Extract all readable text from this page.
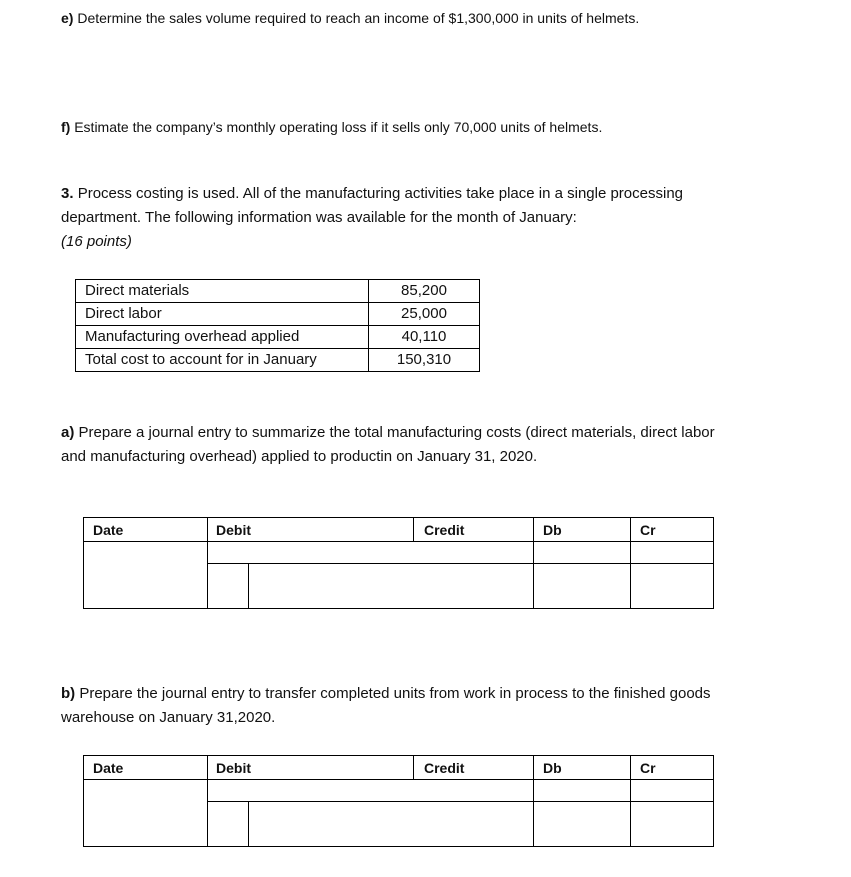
e) Determine the sales volume required to reach an income of $1,300,000 in units of helmets.

f) Estimate the company’s monthly operating loss if it sells only 70,000 units of helmets.

3. Process costing is used. All of the manufacturing activities take place in a single processing

department. The following information was available for the month of January:

(16 points)

Direct materials	85,200
Direct labor	25,000
Manufacturing overhead applied	40,110
Total cost to account for in January	150,310

a) Prepare a journal entry to summarize the total manufacturing costs (direct materials, direct labor

and manufacturing overhead) applied to productin on January 31, 2020.

Date	Debit	Credit	Db	Cr

b) Prepare the journal entry to transfer completed units from work in process to the finished goods

warehouse on January 31,2020.

Date	Debit	Credit	Db	Cr
